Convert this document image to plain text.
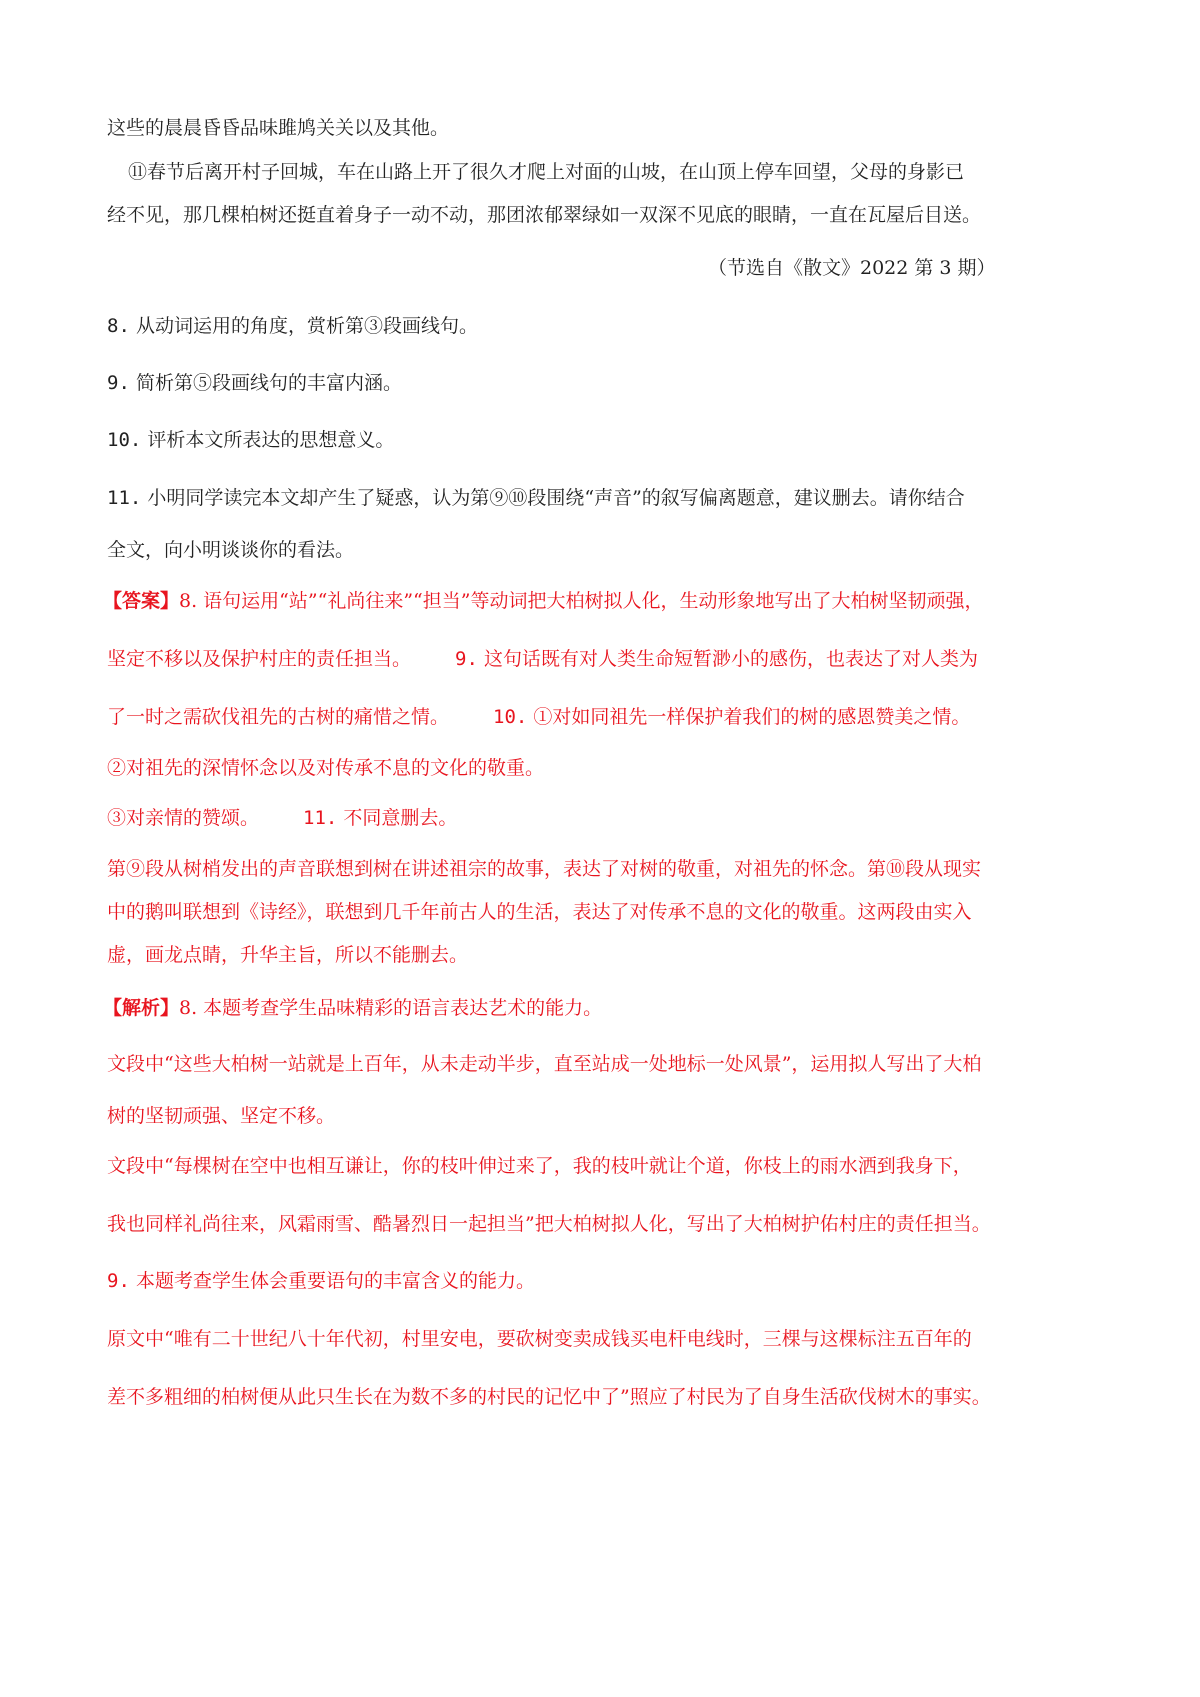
这些的晨晨昏昏品味雎鸠关关以及其他。
⑪春节后离开村子回城，车在山路上开了很久才爬上对面的山坡，在山顶上停车回望，父母的身影已
经不见，那几棵柏树还挺直着身子一动不动，那团浓郁翠绿如一双深不见底的眼睛，一直在瓦屋后目送。
（节选自《散文》2022 第 3 期）
8. 从动词运用的角度，赏析第③段画线句。
9. 简析第⑤段画线句的丰富内涵。
10. 评析本文所表达的思想意义。
11. 小明同学读完本文却产生了疑惑，认为第⑨⑩段围绕“声音”的叙写偏离题意，建议删去。请你结合
全文，向小明谈谈你的看法。
【答案】8. 语句运用“站”“礼尚往来”“担当”等动词把大柏树拟人化，生动形象地写出了大柏树坚韧顽强，
坚定不移以及保护村庄的责任担当。 9. 这句话既有对人类生命短暂渺小的感伤，也表达了对人类为
了一时之需砍伐祖先的古树的痛惜之情。 10. ①对如同祖先一样保护着我们的树的感恩赞美之情。
②对祖先的深情怀念以及对传承不息的文化的敬重。
③对亲情的赞颂。 11. 不同意删去。
第⑨段从树梢发出的声音联想到树在讲述祖宗的故事，表达了对树的敬重，对祖先的怀念。第⑩段从现实
中的鹅叫联想到《诗经》，联想到几千年前古人的生活，表达了对传承不息的文化的敬重。这两段由实入
虚，画龙点睛，升华主旨，所以不能删去。
【解析】8. 本题考查学生品味精彩的语言表达艺术的能力。
文段中“这些大柏树一站就是上百年，从未走动半步，直至站成一处地标一处风景”，运用拟人写出了大柏
树的坚韧顽强、坚定不移。
文段中“每棵树在空中也相互谦让，你的枝叶伸过来了，我的枝叶就让个道，你枝上的雨水洒到我身下，
我也同样礼尚往来，风霜雨雪、酷暑烈日一起担当”把大柏树拟人化，写出了大柏树护佑村庄的责任担当。
9. 本题考查学生体会重要语句的丰富含义的能力。
原文中“唯有二十世纪八十年代初，村里安电，要砍树变卖成钱买电杆电线时，三棵与这棵标注五百年的
差不多粗细的柏树便从此只生长在为数不多的村民的记忆中了”照应了村民为了自身生活砍伐树木的事实。
